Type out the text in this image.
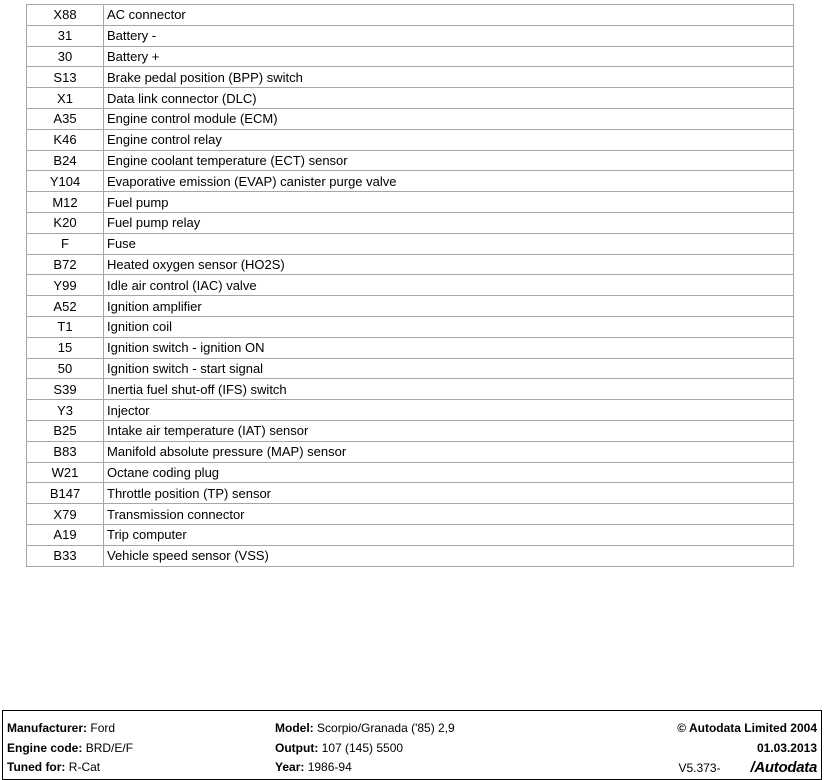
X88	AC connector
31	Battery -
30	Battery +
S13	Brake pedal position (BPP) switch
X1	Data link connector (DLC)
A35	Engine control module (ECM)
K46	Engine control relay
B24	Engine coolant temperature (ECT) sensor
Y104	Evaporative emission (EVAP) canister purge valve
M12	Fuel pump
K20	Fuel pump relay
F	Fuse
B72	Heated oxygen sensor (HO2S)
Y99	Idle air control (IAC) valve
A52	Ignition amplifier
T1	Ignition coil
15	Ignition switch - ignition ON
50	Ignition switch - start signal
S39	Inertia fuel shut-off (IFS) switch
Y3	Injector
B25	Intake air temperature (IAT) sensor
B83	Manifold absolute pressure (MAP) sensor
W21	Octane coding plug
B147	Throttle position (TP) sensor
X79	Transmission connector
A19	Trip computer
B33	Vehicle speed sensor (VSS)
Manufacturer: Ford
Engine code: BRD/E/F
Tuned for: R-Cat
Model: Scorpio/Granada ('85) 2,9
Output: 107 (145) 5500
Year: 1986-94
© Autodata Limited 2004
01.03.2013
V5.373- /Autodata
